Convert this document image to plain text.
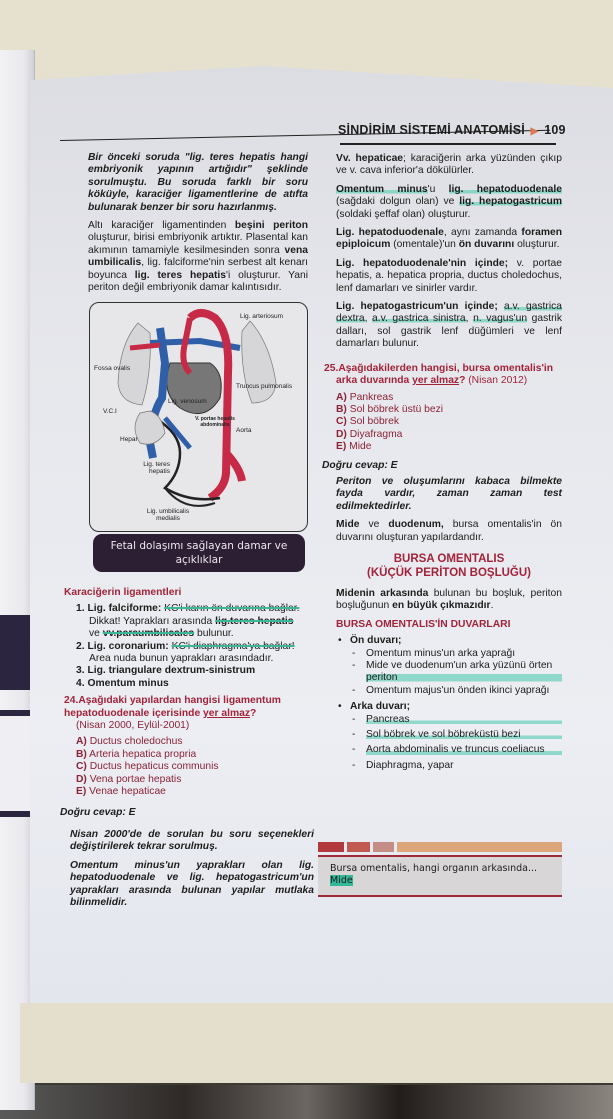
SİNDİRİM SİSTEMİ ANATOMİSİ ▶ 109

Bir önceki soruda "lig. teres hepatis hangi embriyonik yapının artığıdır" şeklinde sorulmuştu. Bu soruda farklı bir soru köküyle, karaciğer ligamentlerine de atıfta bulunarak benzer bir soru hazırlanmış.

Altı karaciğer ligamentinden beşini periton oluşturur, birisi embriyonik artıktır. Plasental kan akımının tamamiyle kesilmesinden sonra vena umbilicalis, lig. falciforme'nin serbest alt kenarı boyunca lig. teres hepatis'i oluşturur. Yani periton değil embriyonik damar kalıntısıdır.

Lig. arteriosum
Fossa ovalis
Truncus pulmonalis
Lig. venosum
V.C.I
V. portae hepatis abdominalis
Aorta
Hepar
Lig. teres hepatis
Lig. umbilicalis medialis
Fetal dolaşımı sağlayan damar ve açıklıklar
Karaciğerin ligamentleri
1. Lig. falciforme: KC'i karın ön duvarına bağlar.
Dikkat! Yaprakları arasında lig.teres hepatis
ve vv.paraumbilicales bulunur.
2. Lig. coronarium: KC'i diaphragma'ya bağlar!
Area nuda bunun yaprakları arasındadır.
3. Lig. triangulare dextrum-sinistrum
4. Omentum minus
24.Aşağıdaki yapılardan hangisi ligamentum hepatoduodenale içerisinde yer almaz?
(Nisan 2000, Eylül-2001)
A) Ductus choledochus
B) Arteria hepatica propria
C) Ductus hepaticus communis
D) Vena portae hepatis
E) Venae hepaticae
Doğru cevap: E

Nisan 2000'de de sorulan bu soru seçenekleri değiştirilerek tekrar sorulmuş.

Omentum minus'un yaprakları olan lig. hepatoduodenale ve lig. hepatogastricum'un yaprakları arasında bulunan yapılar mutlaka bilinmelidir.

Vv. hepaticae; karaciğerin arka yüzünden çıkıp ve v. cava inferior'a dökülürler.

Omentum minus'u lig. hepatoduodenale (sağdaki dolgun olan) ve lig. hepatogastricum (soldaki şeffaf olan) oluşturur.

Lig. hepatoduodenale, aynı zamanda foramen epiploicum (omentale)'un ön duvarını oluşturur.

Lig. hepatoduodenale'nin içinde; v. portae hepatis, a. hepatica propria, ductus choledochus, lenf damarları ve sinirler vardır.

Lig. hepatogastricum'un içinde; a.v. gastrica dextra, a.v. gastrica sinistra, n. vagus'un gastrik dalları, sol gastrik lenf düğümleri ve lenf damarları bulunur.

25.Aşağıdakilerden hangisi, bursa omentalis'in arka duvarında yer almaz? (Nisan 2012)
A) Pankreas
B) Sol böbrek üstü bezi
C) Sol böbrek
D) Diyafragma
E) Mide
Doğru cevap: E

Periton ve oluşumlarını kabaca bilmekte fayda vardır, zaman zaman test edilmektedirler.

Mide ve duodenum, bursa omentalis'in ön duvarını oluşturan yapılardandır.

BURSA OMENTALIS
(KÜÇÜK PERİTON BOŞLUĞU)

Midenin arkasında bulunan bu boşluk, periton boşluğunun en büyük çıkmazıdır.

BURSA OMENTALIS'İN DUVARLARI
• Ön duvarı;
- Omentum minus'un arka yaprağı
- Mide ve duodenum'un arka yüzünü örten periton
- Omentum majus'un önden ikinci yaprağı
• Arka duvarı;
- Pancreas
- Sol böbrek ve sol böbreküstü bezi
- Aorta abdominalis ve truncus coeliacus
- Diaphragma, yapar
Bursa omentalis, hangi organın arkasında...
Mide
